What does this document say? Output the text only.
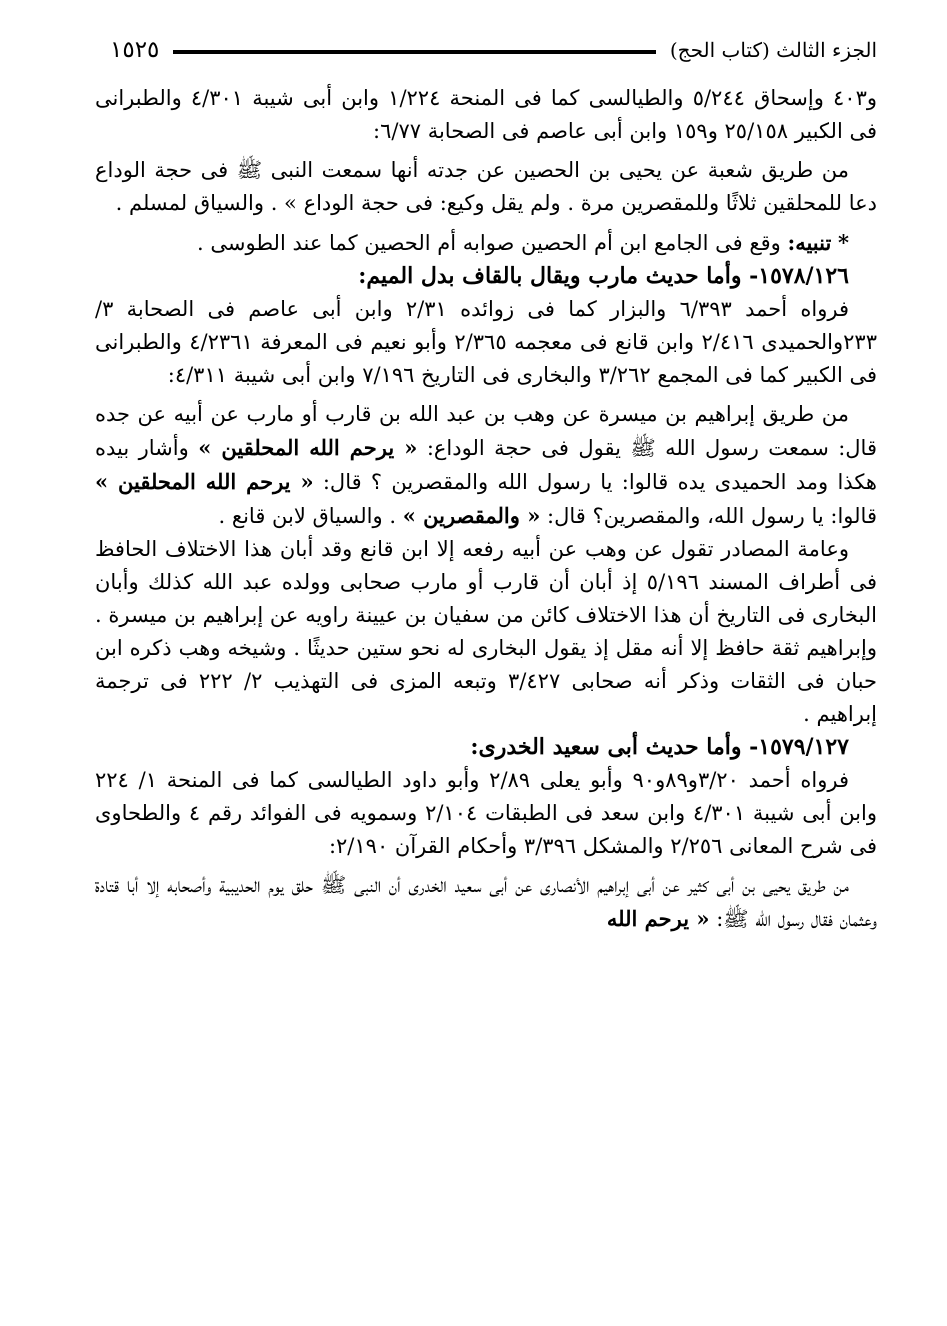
الجزء الثالث (كتاب الحج)
١٥٢٥

و٤٠٣ وإسحاق ٥/٢٤٤ والطيالسى كما فى المنحة ١/٢٢٤ وابن أبى شيبة ٤/٣٠١ والطبرانى فى الكبير ٢٥/١٥٨ و١٥٩ وابن أبى عاصم فى الصحابة ٦/٧٧:

من طريق شعبة عن يحيى بن الحصين عن جدته أنها سمعت النبى ﷺ فى حجة الوداع دعا للمحلقين ثلاثًا وللمقصرين مرة . ولم يقل وكيع: فى حجة الوداع » . والسياق لمسلم .

* تنبيه: وقع فى الجامع ابن أم الحصين صوابه أم الحصين كما عند الطوسى .

١٥٧٨/١٢٦- وأما حديث مارب ويقال بالقاف بدل الميم:

فرواه أحمد ٦/٣٩٣ والبزار كما فى زوائده ٢/٣١ وابن أبى عاصم فى الصحابة ٣/ ٢٣٣والحميدى ٢/٤١٦ وابن قانع فى معجمه ٢/٣٦٥ وأبو نعيم فى المعرفة ٤/٢٣٦١ والطبرانى فى الكبير كما فى المجمع ٣/٢٦٢ والبخارى فى التاريخ ٧/١٩٦ وابن أبى شيبة ٤/٣١١:

من طريق إبراهيم بن ميسرة عن وهب بن عبد الله بن قارب أو مارب عن أبيه عن جده قال: سمعت رسول الله ﷺ يقول فى حجة الوداع: « يرحم الله المحلقين » وأشار بيده هكذا ومد الحميدى يده قالوا: يا رسول الله والمقصرين ؟ قال: « يرحم الله المحلقين » قالوا: يا رسول الله، والمقصرين؟ قال: « والمقصرين » . والسياق لابن قانع .

وعامة المصادر تقول عن وهب عن أبيه رفعه إلا ابن قانع وقد أبان هذا الاختلاف الحافظ فى أطراف المسند ٥/١٩٦ إذ أبان أن قارب أو مارب صحابى وولده عبد الله كذلك وأبان البخارى فى التاريخ أن هذا الاختلاف كائن من سفيان بن عيينة راويه عن إبراهيم بن ميسرة . وإبراهيم ثقة حافظ إلا أنه مقل إذ يقول البخارى له نحو ستين حديثًا . وشيخه وهب ذكره ابن حبان فى الثقات وذكر أنه صحابى ٣/٤٢٧ وتبعه المزى فى التهذيب ٢/ ٢٢٢ فى ترجمة إبراهيم .

١٥٧٩/١٢٧- وأما حديث أبى سعيد الخدرى:

فرواه أحمد ٣/٢٠و٨٩و٩٠ وأبو يعلى ٢/٨٩ وأبو داود الطيالسى كما فى المنحة ١/ ٢٢٤ وابن أبى شيبة ٤/٣٠١ وابن سعد فى الطبقات ٢/١٠٤ وسمويه فى الفوائد رقم ٤ والطحاوى فى شرح المعانى ٢/٢٥٦ والمشكل ٣/٣٩٦ وأحكام القرآن ٢/١٩٠:

من طريق يحيى بن أبى كثير عن أبى إبراهيم الأنصارى عن أبى سعيد الخدرى أن النبى ﷺ حلق يوم الحديبية وأصحابه إلا أبا قتادة وعثمان فقال رسول الله ﷺ: « يرحم الله
